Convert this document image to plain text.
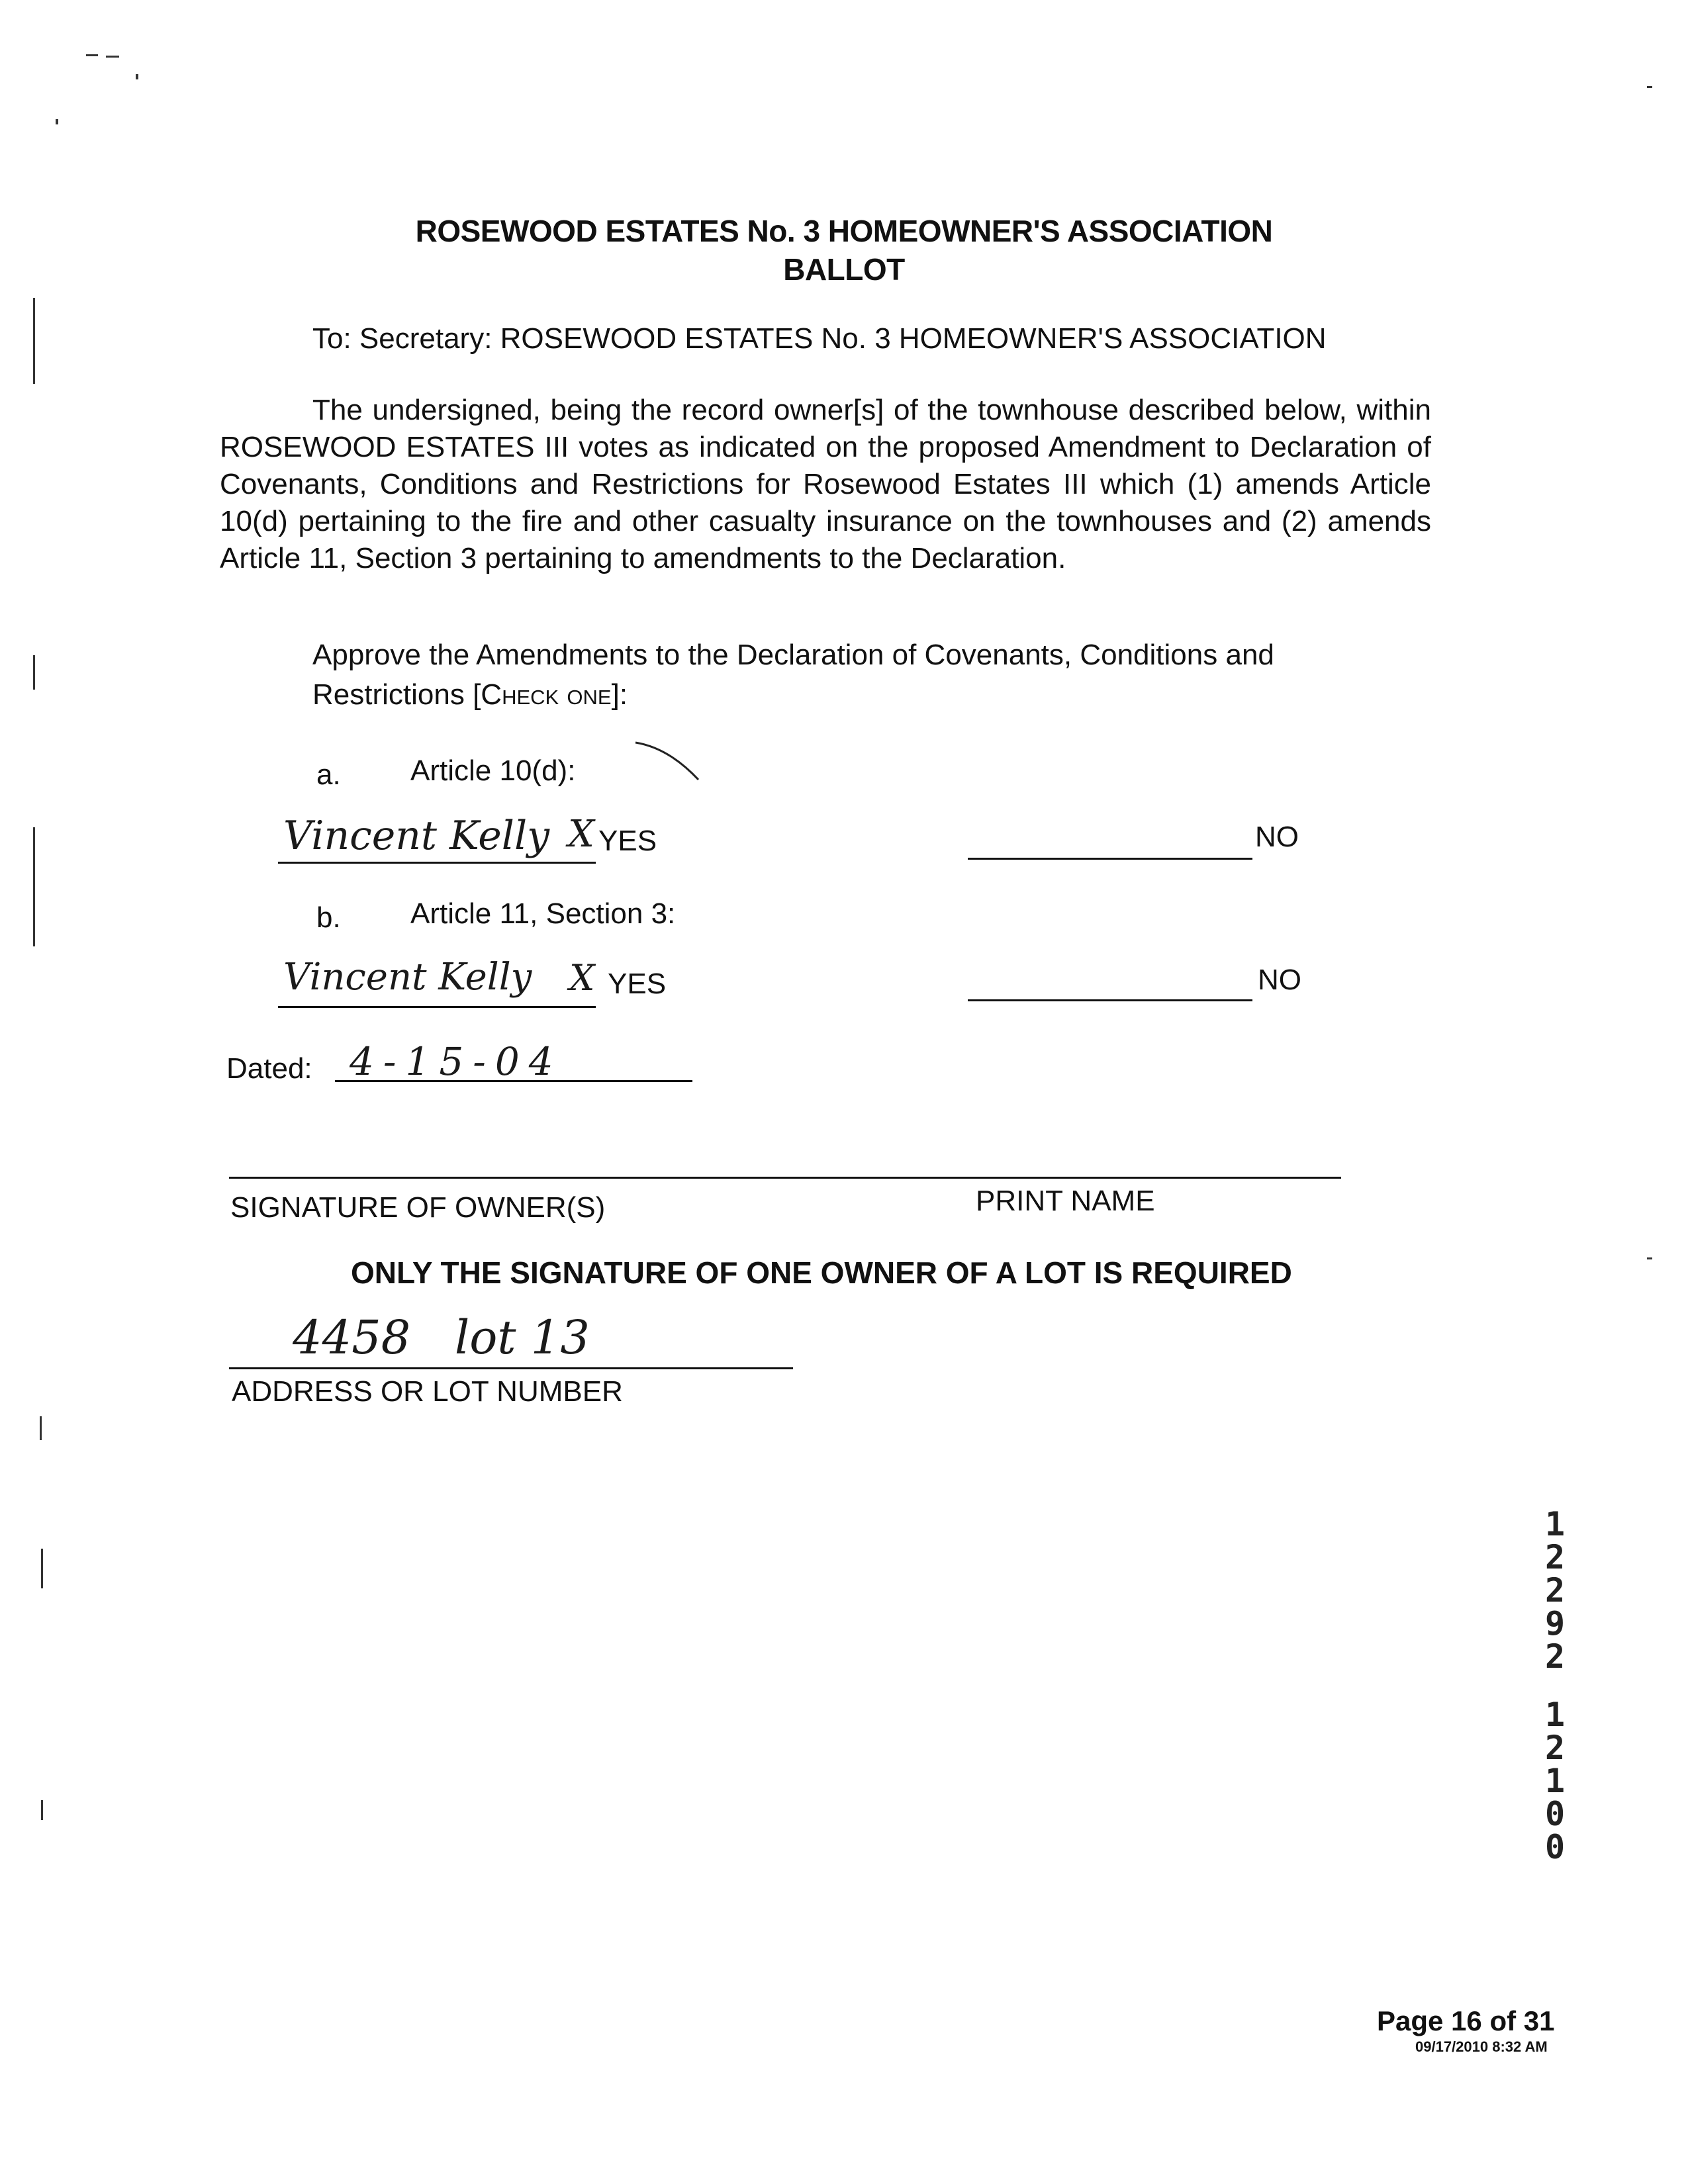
ROSEWOOD ESTATES No. 3 HOMEOWNER'S ASSOCIATION
BALLOT
To: Secretary: ROSEWOOD ESTATES No. 3 HOMEOWNER'S ASSOCIATION
The undersigned, being the record owner[s] of the townhouse described below, within ROSEWOOD ESTATES III votes as indicated on the proposed Amendment to Declaration of Covenants, Conditions and Restrictions for Rosewood Estates III which (1) amends Article 10(d) pertaining to the fire and other casualty insurance on the townhouses and (2) amends Article 11, Section 3 pertaining to amendments to the Declaration.
Approve the Amendments to the Declaration of Covenants, Conditions and Restrictions [Check one]:
a. Article 10(d):
Vincent Kelly X YES	NO
b. Article 11, Section 3:
Vincent Kelly X YES	NO
Dated: 4-15-04
SIGNATURE OF OWNER(S)	PRINT NAME
ONLY THE SIGNATURE OF ONE OWNER OF A LOT IS REQUIRED
4458   lot 13
ADDRESS OR LOT NUMBER
1
2
2
9
2
1
2
1
0
0
Page 16 of 31
09/17/2010 8:32 AM
